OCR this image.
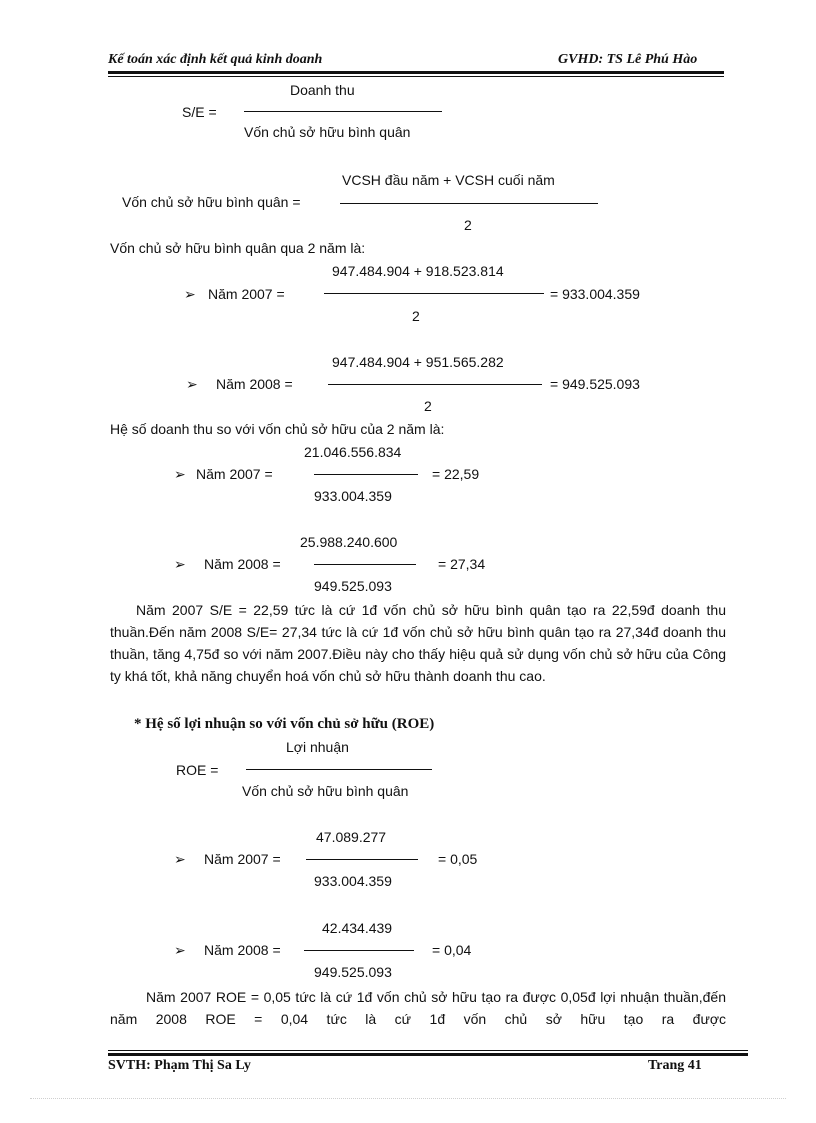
Kế toán xác định kết quả kinh doanh	GVHD: TS Lê Phú Hào
Doanh thu
S/E =
Vốn chủ sở hữu bình quân
VCSH đầu năm + VCSH cuối năm
Vốn chủ sở hữu bình quân =
2
Vốn chủ sở hữu bình quân qua 2 năm là:
947.484.904 + 918.523.814
➢ Năm 2007 =	= 933.004.359
2
947.484.904 + 951.565.282
➢ Năm 2008 =	= 949.525.093
2
Hệ số doanh thu so với vốn chủ sở hữu của 2 năm là:
21.046.556.834
➢ Năm 2007 =	= 22,59
933.004.359
25.988.240.600
➢ Năm 2008 =	= 27,34
949.525.093
Năm 2007 S/E = 22,59 tức là cứ 1đ vốn chủ sở hữu bình quân tạo ra 22,59đ doanh thu thuần.Đến năm 2008 S/E= 27,34 tức là cứ 1đ vốn chủ sở hữu bình quân tạo ra 27,34đ doanh thu thuần, tăng 4,75đ so với năm 2007.Điều này cho thấy hiệu quả sử dụng vốn chủ sở hữu của Công ty khá tốt, khả năng chuyển hoá vốn chủ sở hữu thành doanh thu cao.
* Hệ số lợi nhuận so với vốn chủ sở hữu (ROE)
Lợi nhuận
ROE =
Vốn chủ sở hữu bình quân
47.089.277
➢ Năm 2007 =	= 0,05
933.004.359
42.434.439
➢ Năm 2008 =	= 0,04
949.525.093
Năm 2007 ROE = 0,05 tức là cứ 1đ vốn chủ sở hữu tạo ra được 0,05đ lợi nhuận thuần,đến năm 2008 ROE = 0,04 tức là cứ 1đ vốn chủ sở hữu tạo ra được
SVTH: Phạm Thị Sa Ly	Trang 41
